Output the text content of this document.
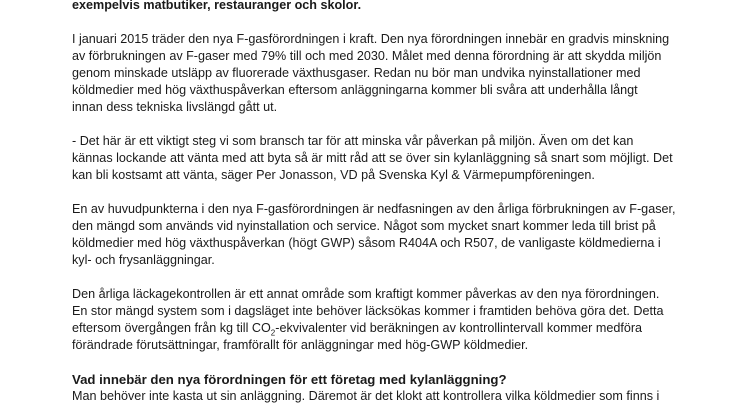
exempelvis matbutiker, restauranger och skolor.

I januari 2015 träder den nya F-gasförordningen i kraft. Den nya förordningen innebär en gradvis minskning
av förbrukningen av F-gaser med 79% till och med 2030. Målet med denna förordning är att skydda miljön
genom minskade utsläpp av fluorerade växthusgaser. Redan nu bör man undvika nyinstallationer med
köldmedier med hög växthuspåverkan eftersom anläggningarna kommer bli svåra att underhålla långt
innan dess tekniska livslängd gått ut.

- Det här är ett viktigt steg vi som bransch tar för att minska vår påverkan på miljön. Även om det kan
kännas lockande att vänta med att byta så är mitt råd att se över sin kylanläggning så snart som möjligt. Det
kan bli kostsamt att vänta, säger Per Jonasson, VD på Svenska Kyl & Värmepumpföreningen.

En av huvudpunkterna i den nya F-gasförordningen är nedfasningen av den årliga förbrukningen av F-gaser,
den mängd som används vid nyinstallation och service. Något som mycket snart kommer leda till brist på
köldmedier med hög växthuspåverkan (högt GWP) såsom R404A och R507, de vanligaste köldmedierna i
kyl- och frysanläggningar.

Den årliga läckagekontrollen är ett annat område som kraftigt kommer påverkas av den nya förordningen.
En stor mängd system som i dagsläget inte behöver läcksökas kommer i framtiden behöva göra det. Detta
eftersom övergången från kg till $CO_2$-ekvivalenter vid beräkningen av kontrollintervall kommer medföra
förändrade förutsättningar, framförallt för anläggningar med hög-GWP köldmedier.

Vad innebär den nya förordningen för ett företag med kylanläggning?

Man behöver inte kasta ut sin anläggning. Däremot är det klokt att kontrollera vilka köldmedier som finns i
